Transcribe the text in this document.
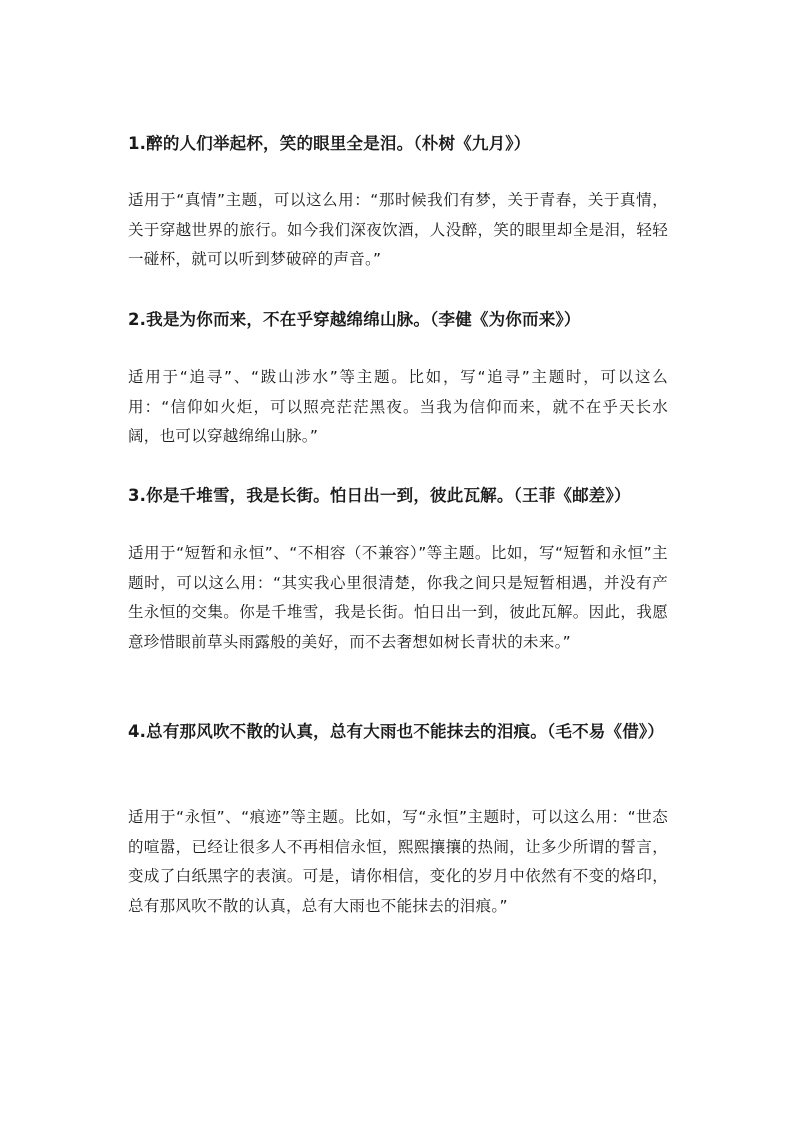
1.醉的人们举起杯，笑的眼里全是泪。（朴树《九月》）

适用于“真情”主题，可以这么用：“那时候我们有梦，关于青春，关于真情，关于穿越世界的旅行。如今我们深夜饮酒，人没醉，笑的眼里却全是泪，轻轻一碰杯，就可以听到梦破碎的声音。”

2.我是为你而来，不在乎穿越绵绵山脉。（李健《为你而来》）

适用于“追寻”、“跋山涉水”等主题。比如，写“追寻”主题时，可以这么用：“信仰如火炬，可以照亮茫茫黑夜。当我为信仰而来，就不在乎天长水阔，也可以穿越绵绵山脉。”

3.你是千堆雪，我是长街。怕日出一到，彼此瓦解。（王菲《邮差》）

适用于“短暂和永恒”、“不相容（不兼容）”等主题。比如，写“短暂和永恒”主题时，可以这么用：“其实我心里很清楚，你我之间只是短暂相遇，并没有产生永恒的交集。你是千堆雪，我是长街。怕日出一到，彼此瓦解。因此，我愿意珍惜眼前草头雨露般的美好，而不去奢想如树长青状的未来。”

4.总有那风吹不散的认真，总有大雨也不能抹去的泪痕。（毛不易《借》）

适用于“永恒”、“痕迹”等主题。比如，写“永恒”主题时，可以这么用：“世态的喧嚣，已经让很多人不再相信永恒，熙熙攘攘的热闹，让多少所谓的誓言，变成了白纸黑字的表演。可是，请你相信，变化的岁月中依然有不变的烙印，总有那风吹不散的认真，总有大雨也不能抹去的泪痕。”
